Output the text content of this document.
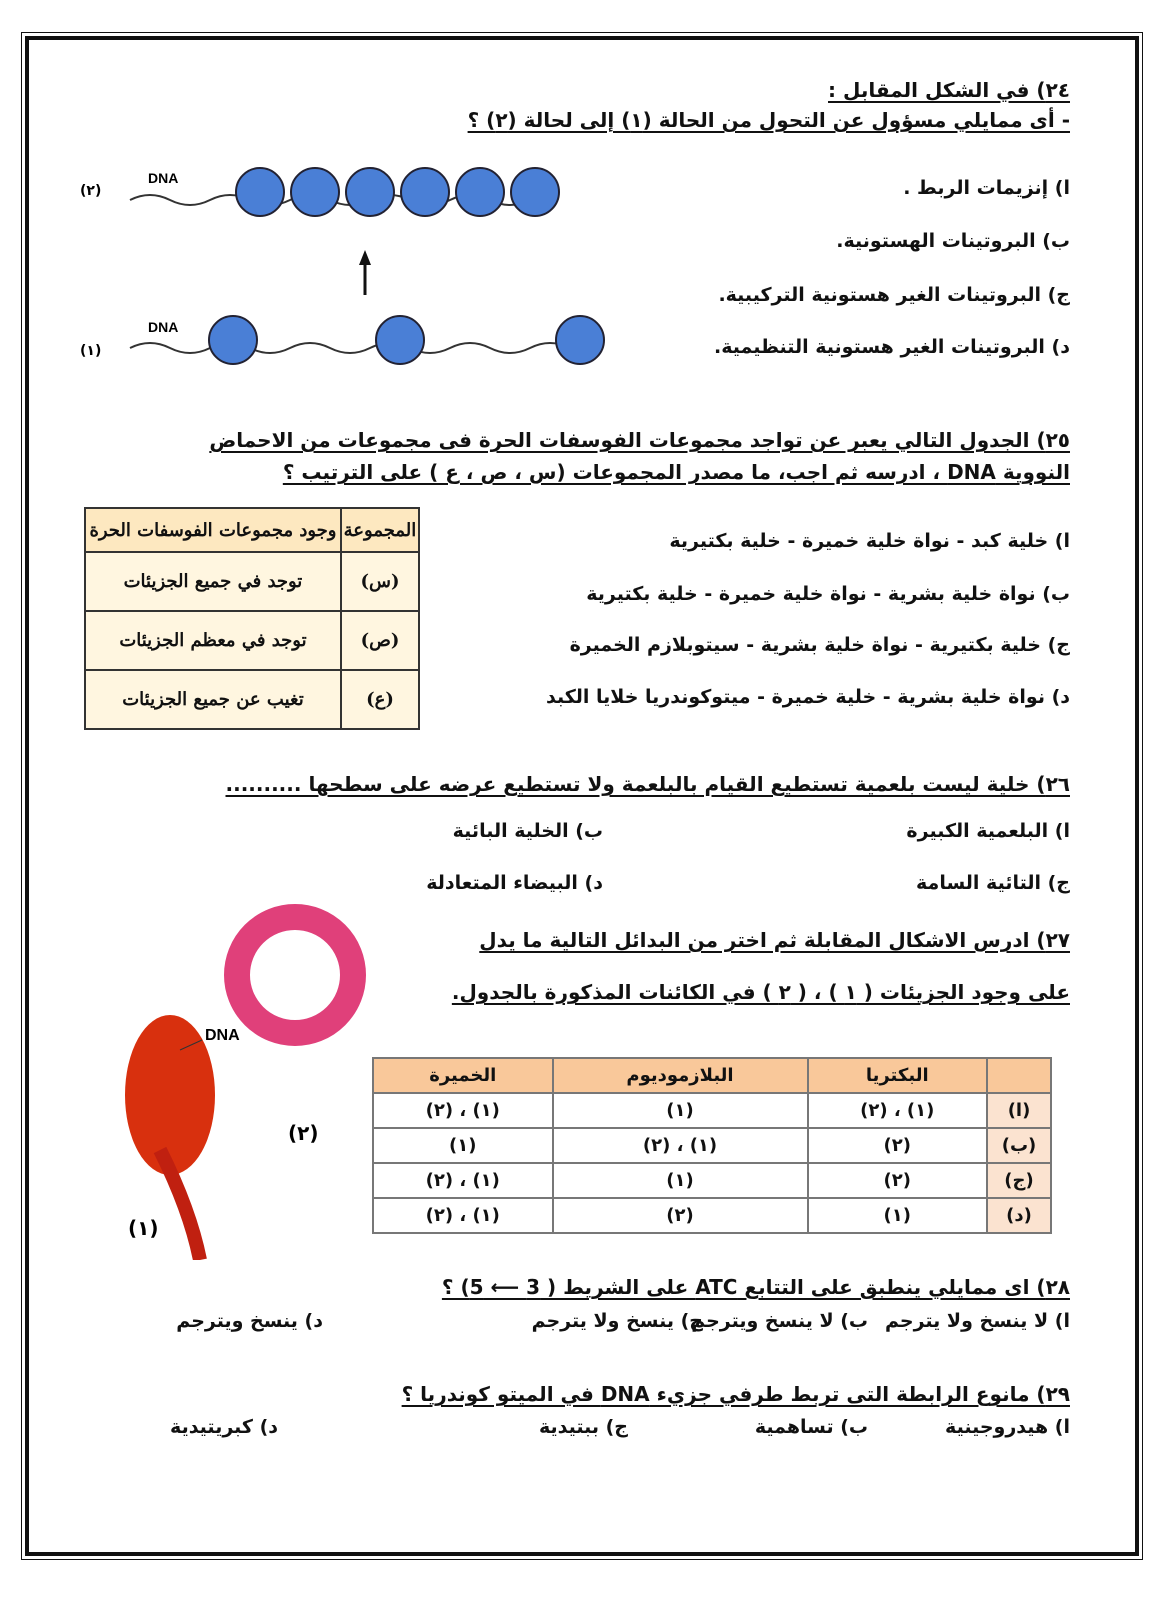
٢٤) في الشكل المقابل :
- أى ممايلي مسؤول عن التحول من الحالة (١) إلى لحالة (٢) ؟
ا) إنزيمات الربط .
ب) البروتينات الهستونية.
ج) البروتينات الغير هستونية التركيبية.
د) البروتينات الغير هستونية التنظيمية.
DNA
DNA
(٢)
(١)
٢٥) الجدول التالي يعبر عن تواجد مجموعات الفوسفات الحرة فى مجموعات من الاحماض
النووية DNA ، ادرسه ثم اجب، ما مصدر المجموعات (س ، ص ، ع ) على الترتيب ؟
ا) خلية كبد - نواة خلية خميرة - خلية بكتيرية
ب) نواة خلية بشرية - نواة خلية خميرة - خلية بكتيرية
ج) خلية بكتيرية - نواة خلية بشرية - سيتوبلازم الخميرة
د) نواة خلية بشرية - خلية خميرة - ميتوكوندريا خلايا الكبد
المجموعة	وجود مجموعات الفوسفات الحرة
(س)	توجد في جميع الجزيئات
(ص)	توجد في معظم الجزيئات
(ع)	تغيب عن جميع الجزيئات
٢٦) خلية ليست بلعمية تستطيع القيام بالبلعمة ولا تستطيع عرضه على سطحها ..........
ا) البلعمية الكبيرة
ب) الخلية البائية
ج) التائية السامة
د) البيضاء المتعادلة
٢٧) ادرس الاشكال المقابلة ثم اختر من البدائل التالية ما يدل
على وجود الجزيئات ( ١ ) ، ( ٢ ) في الكائنات المذكورة بالجدول.
DNA
(٢)
(١)
	البكتريا	البلازموديوم	الخميرة
(ا)	(١) ، (٢)	(١)	(١) ، (٢)
(ب)	(٢)	(١) ، (٢)	(١)
(ج)	(٢)	(١)	(١) ، (٢)
(د)	(١)	(٢)	(١) ، (٢)
٢٨) اى ممايلي ينطبق على التتابع ATC على الشريط ( 3 ⟵ 5) ؟
ا) لا ينسخ ولا يترجم
ب) لا ينسخ ويترجم
ج) ينسخ ولا يترجم
د) ينسخ ويترجم
٢٩) مانوع الرابطة التى تربط طرفي جزيء DNA في الميتو كوندريا ؟
ا) هيدروجينية
ب) تساهمية
ج) ببتيدية
د) كبريتيدية
